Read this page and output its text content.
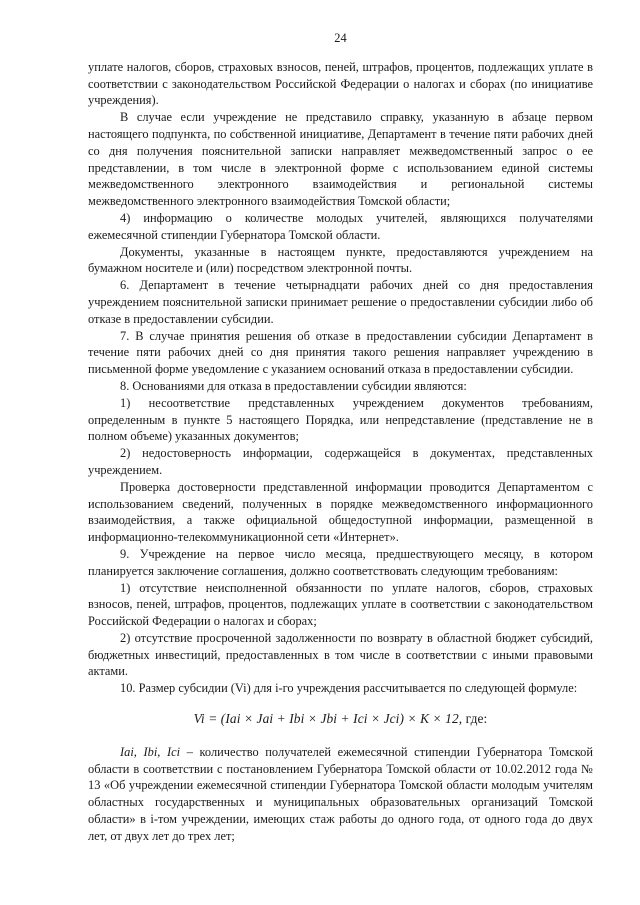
24

уплате налогов, сборов, страховых взносов, пеней, штрафов, процентов, подлежащих уплате в соответствии с законодательством Российской Федерации о налогах и сборах (по инициативе учреждения).

В случае если учреждение не представило справку, указанную в абзаце первом настоящего подпункта, по собственной инициативе, Департамент в течение пяти рабочих дней со дня получения пояснительной записки направляет межведомственный запрос о ее представлении, в том числе в электронной форме с использованием единой системы межведомственного электронного взаимодействия и региональной системы межведомственного электронного взаимодействия Томской области;

4) информацию о количестве молодых учителей, являющихся получателями ежемесячной стипендии Губернатора Томской области.

Документы, указанные в настоящем пункте, предоставляются учреждением на бумажном носителе и (или) посредством электронной почты.

6. Департамент в течение четырнадцати рабочих дней со дня предоставления учреждением пояснительной записки принимает решение о предоставлении субсидии либо об отказе в предоставлении субсидии.

7. В случае принятия решения об отказе в предоставлении субсидии Департамент в течение пяти рабочих дней со дня принятия такого решения направляет учреждению в письменной форме уведомление с указанием оснований отказа в предоставлении субсидии.

8. Основаниями для отказа в предоставлении субсидии являются:

1) несоответствие представленных учреждением документов требованиям, определенным в пункте 5 настоящего Порядка, или непредставление (представление не в полном объеме) указанных документов;

2) недостоверность информации, содержащейся в документах, представленных учреждением.

Проверка достоверности представленной информации проводится Департаментом с использованием сведений, полученных в порядке межведомственного информационного взаимодействия, а также официальной общедоступной информации, размещенной в информационно-телекоммуникационной сети «Интернет».

9. Учреждение на первое число месяца, предшествующего месяцу, в котором планируется заключение соглашения, должно соответствовать следующим требованиям:

1) отсутствие неисполненной обязанности по уплате налогов, сборов, страховых взносов, пеней, штрафов, процентов, подлежащих уплате в соответствии с законодательством Российской Федерации о налогах и сборах;

2) отсутствие просроченной задолженности по возврату в областной бюджет субсидий, бюджетных инвестиций, предоставленных в том числе в соответствии с иными правовыми актами.

10. Размер субсидии (Vi) для i-го учреждения рассчитывается по следующей формуле:

Vi = (Iai × Jai + Ibi × Jbi + Ici × Jci) × K × 12, где:

Iai, Ibi, Ici – количество получателей ежемесячной стипендии Губернатора Томской области в соответствии с постановлением Губернатора Томской области от 10.02.2012 года № 13 «Об учреждении ежемесячной стипендии Губернатора Томской области молодым учителям областных государственных и муниципальных образовательных организаций Томской области» в i-том учреждении, имеющих стаж работы до одного года, от одного года до двух лет, от двух лет до трех лет;
